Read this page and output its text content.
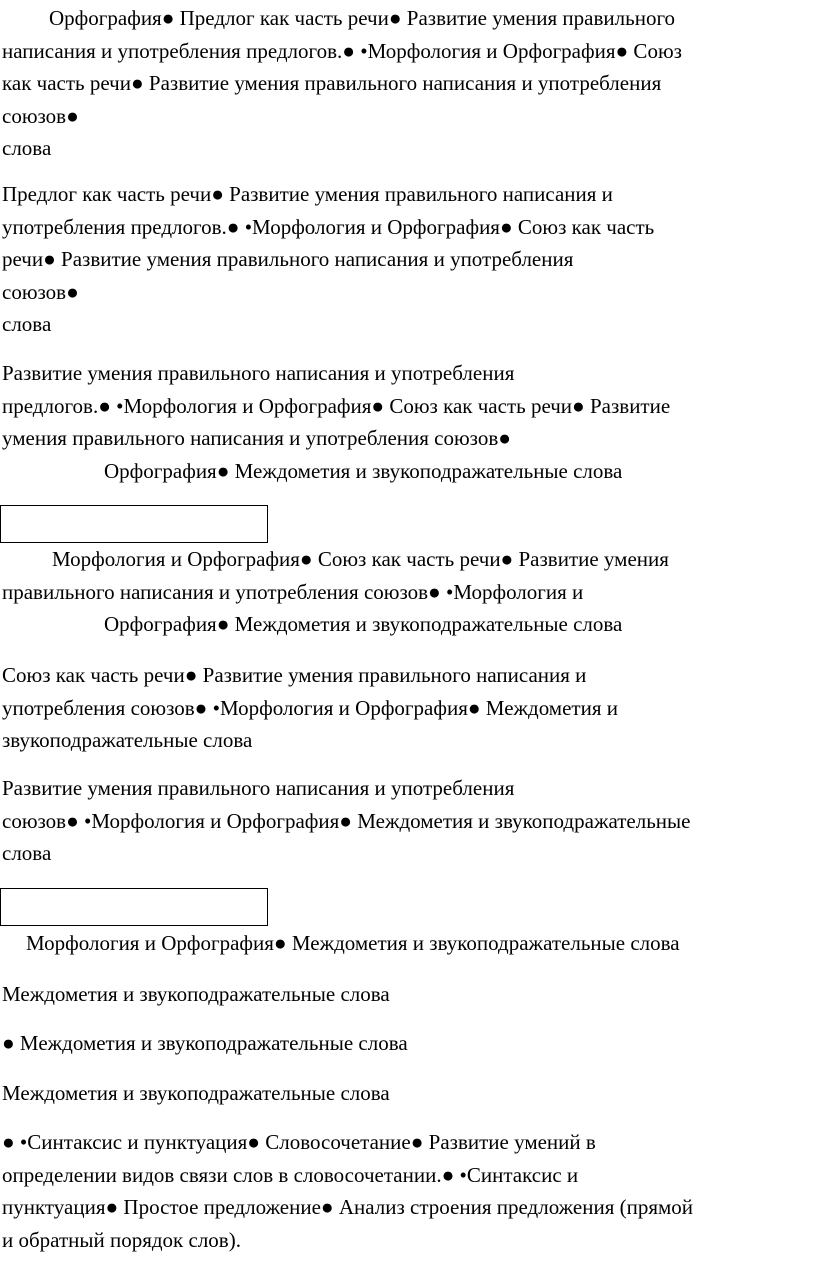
Орфография● Предлог как часть речи● Развитие умения правильного
написания и употребления предлогов.● •Морфология и Орфография● Союз
как часть речи● Развитие умения правильного написания и употребления
союзов●
слова
Предлог как часть речи● Развитие умения правильного написания и
употребления предлогов.● •Морфология и Орфография● Союз как часть
речи● Развитие умения правильного написания и употребления
союзов●
слова
Развитие умения правильного написания и употребления
предлогов.● •Морфология и Орфография● Союз как часть речи● Развитие
умения правильного написания и употребления союзов●
Орфография● Междометия и звукоподражательные слова
Морфология и Орфография● Союз как часть речи● Развитие умения
правильного написания и употребления союзов● •Морфология и
Орфография● Междометия и звукоподражательные слова
Союз как часть речи● Развитие умения правильного написания и
употребления союзов● •Морфология и Орфография● Междометия и
звукоподражательные слова
Развитие умения правильного написания и употребления
союзов● •Морфология и Орфография● Междометия и звукоподражательные
слова
Морфология и Орфография● Междометия и звукоподражательные слова
Междометия и звукоподражательные слова
● Междометия и звукоподражательные слова
Междометия и звукоподражательные слова
● •Синтаксис и пунктуация● Словосочетание● Развитие умений в
определении видов связи слов в словосочетании.● •Синтаксис и
пунктуация● Простое предложение● Анализ строения предложения (прямой
и обратный порядок слов).
